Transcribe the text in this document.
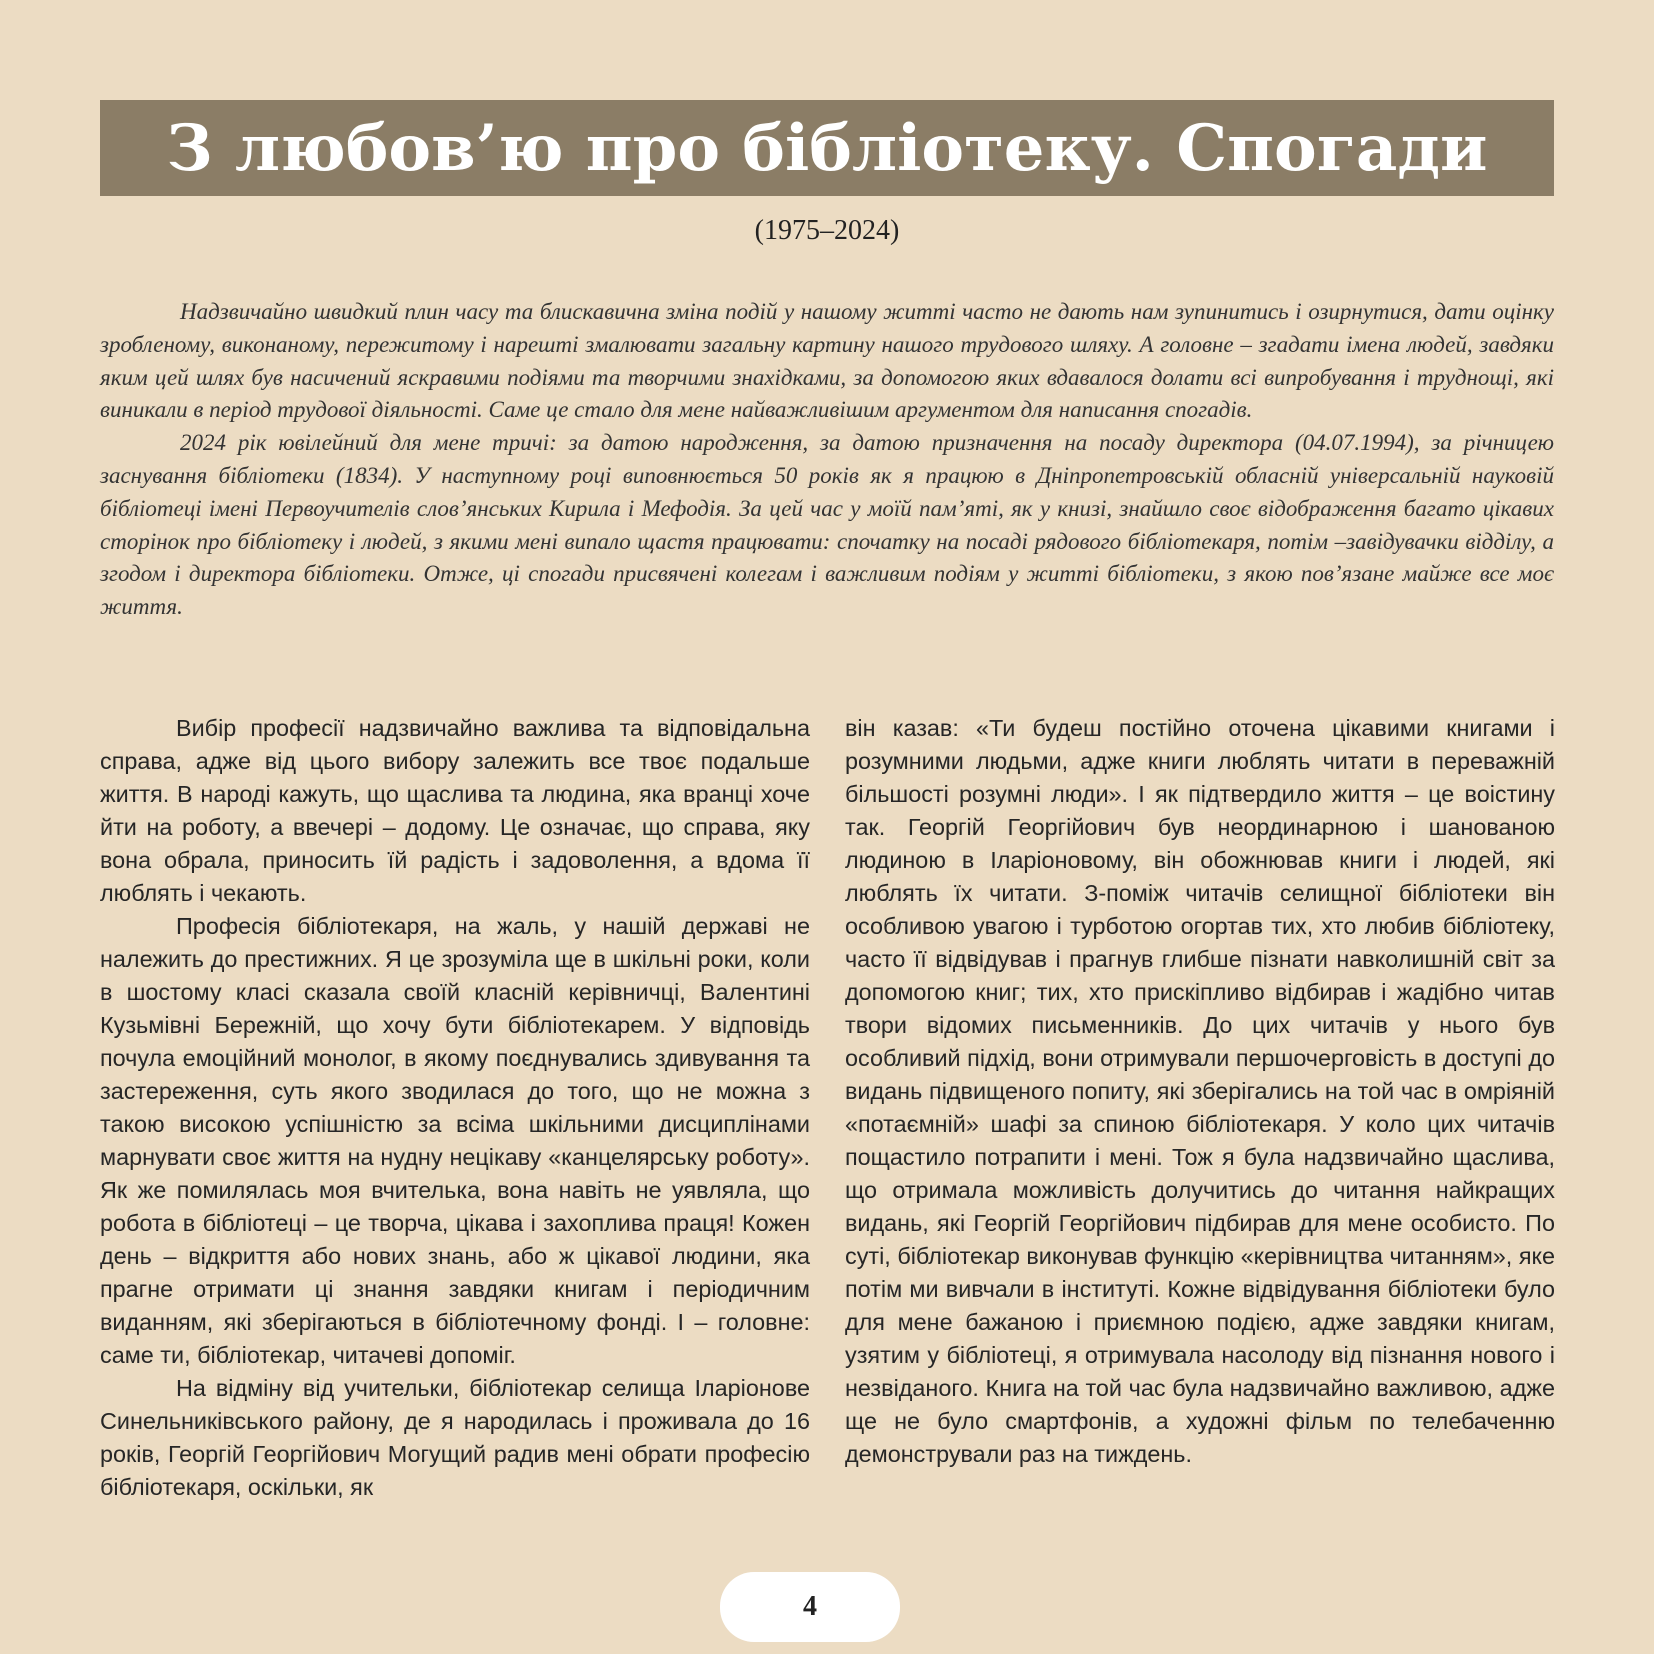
З любов’ю про бібліотеку. Спогади
(1975–2024)

Надзвичайно швидкий плин часу та блискавична зміна подій у нашому житті часто не дають нам зупинитись і озирнутися, дати оцінку зробленому, виконаному, пережитому і нарешті змалювати загальну картину нашого трудового шляху. А головне – згадати імена людей, завдяки яким цей шлях був насичений яскравими подіями та творчими знахідками, за допомогою яких вдавалося долати всі випробування і труднощі, які виникали в період трудової діяльності. Саме це стало для мене найважливішим аргументом для написання спогадів.

2024 рік ювілейний для мене тричі: за датою народження, за датою призначення на посаду директора (04.07.1994), за річницею заснування бібліотеки (1834). У наступному році виповнюється 50 років як я працюю в Дніпропетровській обласній універсальній науковій бібліотеці імені Первоучителів слов’янських Кирила і Мефодія. За цей час у моїй пам’яті, як у книзі, знайшло своє відображення багато цікавих сторінок про бібліотеку і людей, з якими мені випало щастя працювати: спочатку на посаді рядового бібліотекаря, потім –завідувачки відділу, а згодом і директора бібліотеки. Отже, ці спогади присвячені колегам і важливим подіям у житті бібліотеки, з якою пов’язане майже все моє життя.

Вибір професії надзвичайно важлива та відповідальна справа, адже від цього вибору залежить все твоє подальше життя. В народі кажуть, що щаслива та людина, яка вранці хоче йти на роботу, а ввечері – додому. Це означає, що справа, яку вона обрала, приносить їй радість і задоволення, а вдома її люблять і чекають.

Професія бібліотекаря, на жаль, у нашій державі не належить до престижних. Я це зрозуміла ще в шкільні роки, коли в шостому класі сказала своїй класній керівничці, Валентині Кузьмівні Бережній, що хочу бути бібліотекарем. У відповідь почула емоційний монолог, в якому поєднувались здивування та застереження, суть якого зводилася до того, що не можна з такою високою успішністю за всіма шкільними дисциплінами марнувати своє життя на нудну нецікаву «канцелярську роботу». Як же помилялась моя вчителька, вона навіть не уявляла, що робота в бібліотеці – це творча, цікава і захоплива праця! Кожен день – відкриття або нових знань, або ж цікавої людини, яка прагне отримати ці знання завдяки книгам і періодичним виданням, які зберігаються в бібліотечному фонді. І – головне: саме ти, бібліотекар, читачеві допоміг.

На відміну від учительки, бібліотекар селища Іларіонове Синельниківського району, де я народилась і проживала до 16 років, Георгій Георгійович Могущий радив мені обрати професію бібліотекаря, оскільки, як

він казав: «Ти будеш постійно оточена цікавими книгами і розумними людьми, адже книги люблять читати в переважній більшості розумні люди». І як підтвердило життя – це воістину так. Георгій Георгійович був неординарною і шанованою людиною в Іларіоновому, він обожнював книги і людей, які люблять їх читати. З-поміж читачів селищної бібліотеки він особливою увагою і турботою огортав тих, хто любив бібліотеку, часто її відвідував і прагнув глибше пізнати навколишній світ за допомогою книг; тих, хто прискіпливо відбирав і жадібно читав твори відомих письменників. До цих читачів у нього був особливий підхід, вони отримували першочерговість в доступі до видань підвищеного попиту, які зберігались на той час в омріяній «потаємній» шафі за спиною бібліотекаря. У коло цих читачів пощастило потрапити і мені. Тож я була надзвичайно щаслива, що отримала можливість долучитись до читання найкращих видань, які Георгій Георгійович підбирав для мене особисто. По суті, бібліотекар виконував функцію «керівництва читанням», яке потім ми вивчали в інституті. Кожне відвідування бібліотеки було для мене бажаною і приємною подією, адже завдяки книгам, узятим у бібліотеці, я отримувала насолоду від пізнання нового і незвіданого. Книга на той час була надзвичайно важливою, адже ще не було смартфонів, а художні фільм по телебаченню демонстрували раз на тиждень.

4
